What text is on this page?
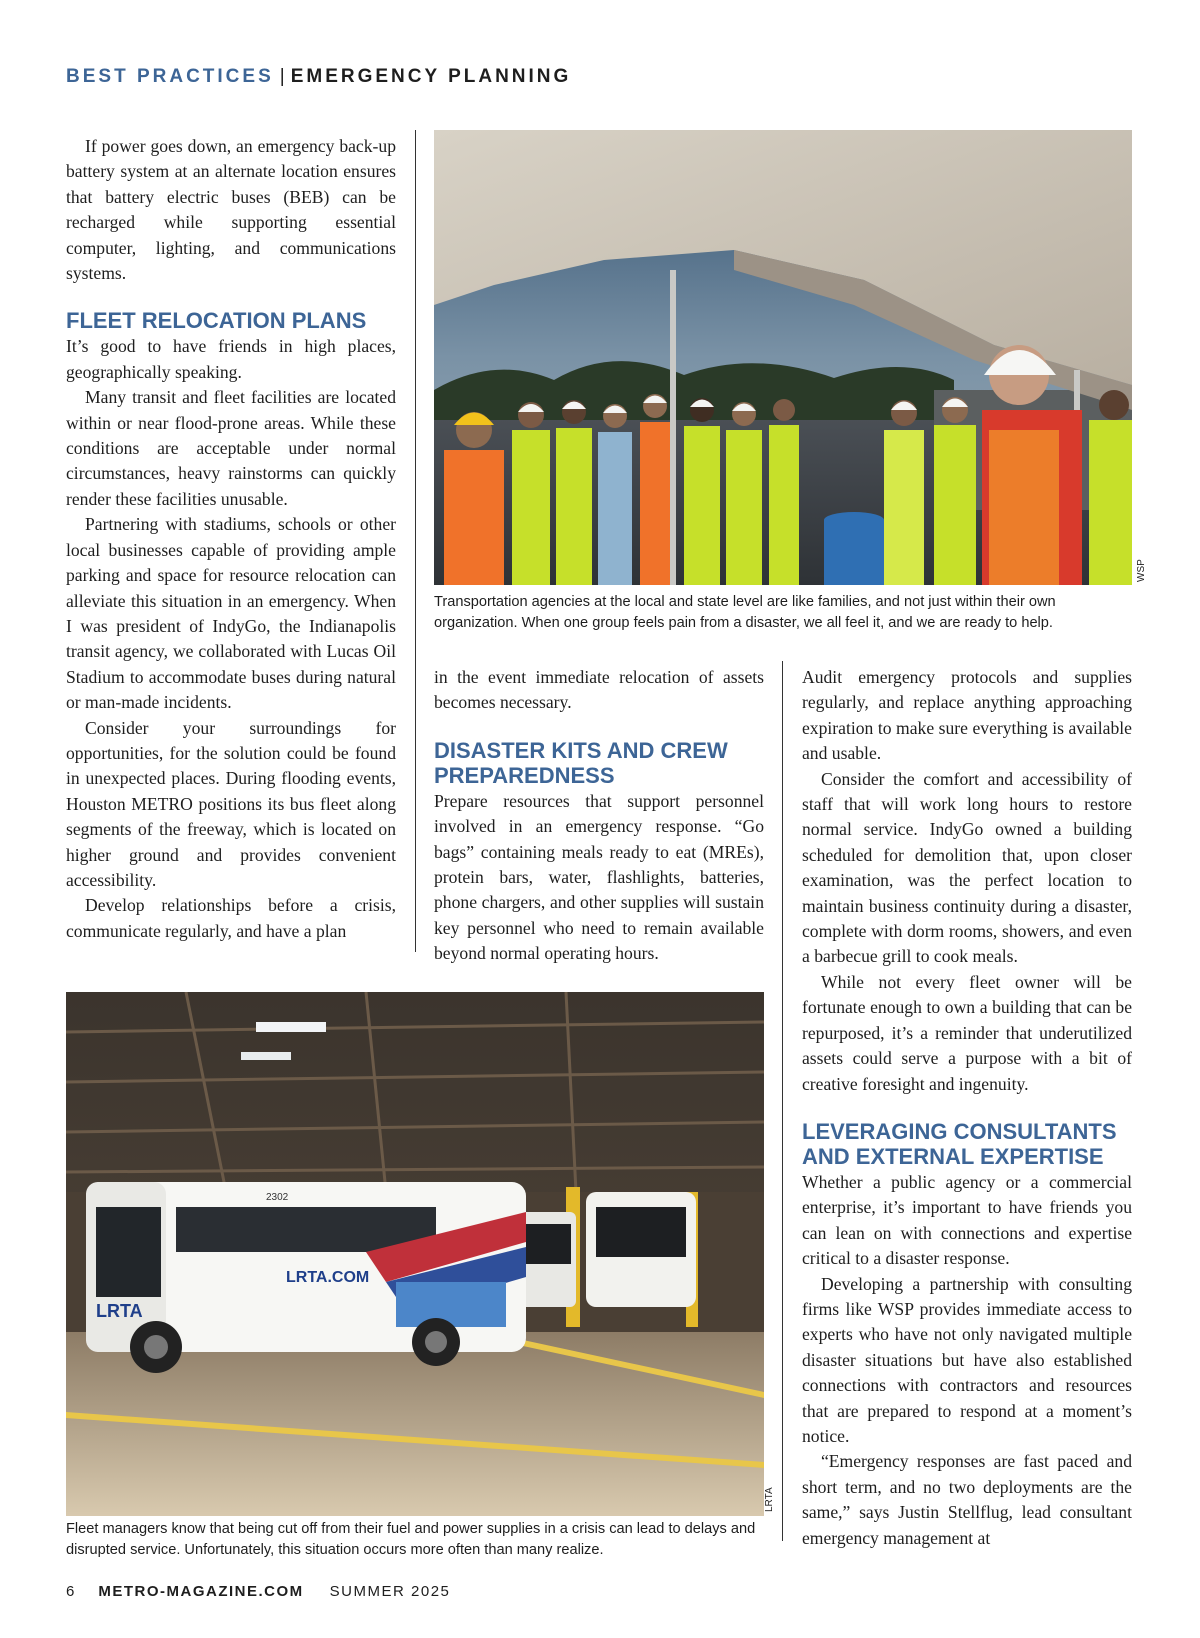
BEST PRACTICES | EMERGENCY PLANNING

If power goes down, an emergency back-up battery system at an alternate location ensures that battery electric buses (BEB) can be recharged while supporting essential computer, lighting, and communications systems.

FLEET RELOCATION PLANS

It’s good to have friends in high places, geographically speaking.

Many transit and fleet facilities are located within or near flood-prone areas. While these conditions are acceptable under normal circumstances, heavy rainstorms can quickly render these facilities unusable.

Partnering with stadiums, schools or other local businesses capable of providing ample parking and space for resource relocation can alleviate this situation in an emergency. When I was president of IndyGo, the Indianapolis transit agency, we collaborated with Lucas Oil Stadium to accommodate buses during natural or man-made incidents.

Consider your surroundings for opportunities, for the solution could be found in unexpected places. During flooding events, Houston METRO positions its bus fleet along segments of the freeway, which is located on higher ground and provides convenient accessibility.

Develop relationships before a crisis, communicate regularly, and have a plan

WSP
Transportation agencies at the local and state level are like families, and not just within their own organization. When one group feels pain from a disaster, we all feel it, and we are ready to help.

in the event immediate relocation of assets becomes necessary.

DISASTER KITS AND CREW PREPAREDNESS

Prepare resources that support personnel involved in an emergency response. “Go bags” containing meals ready to eat (MREs), protein bars, water, flashlights, batteries, phone chargers, and other supplies will sustain key personnel who need to remain available beyond normal operating hours.

Audit emergency protocols and supplies regularly, and replace anything approaching expiration to make sure everything is available and usable.

Consider the comfort and accessibility of staff that will work long hours to restore normal service. IndyGo owned a building scheduled for demolition that, upon closer examination, was the perfect location to maintain business continuity during a disaster, complete with dorm rooms, showers, and even a barbecue grill to cook meals.

While not every fleet owner will be fortunate enough to own a building that can be repurposed, it’s a reminder that underutilized assets could serve a purpose with a bit of creative foresight and ingenuity.

LEVERAGING CONSULTANTS AND EXTERNAL EXPERTISE

Whether a public agency or a commercial enterprise, it’s important to have friends you can lean on with connections and expertise critical to a disaster response.

Developing a partnership with consulting firms like WSP provides immediate access to experts who have not only navigated multiple disaster situations but have also established connections with contractors and resources that are prepared to respond at a moment’s notice.

“Emergency responses are fast paced and short term, and no two deployments are the same,” says Justin Stellflug, lead consultant emergency management at

2302
LRTA.COM
LRTA
LRTA
Fleet managers know that being cut off from their fuel and power supplies in a crisis can lead to delays and disrupted service. Unfortunately, this situation occurs more often than many realize.
6 METRO-MAGAZINE.COM SUMMER 2025
